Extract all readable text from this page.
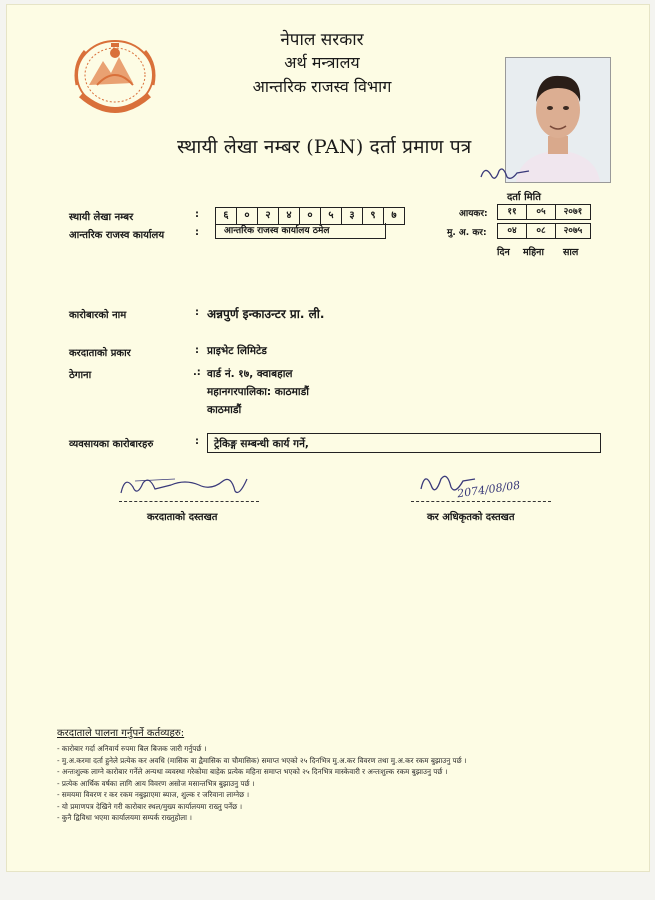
नेपाल सरकार
अर्थ मन्त्रालय
आन्तरिक राजस्व विभाग
स्थायी लेखा नम्बर (PAN) दर्ता प्रमाण पत्र
स्थायी लेखा नम्बर	:	६	०	२	४	०	५	३	९	७
आन्तरिक राजस्व कार्यालय	:	आन्तरिक राजस्व कार्यालय ठमेल
दर्ता मिति
आयकर:	११	०५	२०७१
मु. अ. कर:	०४	०८	२०७५
दिन महिना साल
कारोबारको नाम	: अन्नपुर्ण इन्काउन्टर प्रा. ली.
करदाताको प्रकार	: प्राइभेट लिमिटेड
ठेगाना	.: वार्ड नं. १७, क्वाबहाल
महानगरपालिका: काठमाडौं
काठमाडौं
व्यवसायका कारोबारहरु	:	ट्रेकिङ्ग सम्बन्धी कार्य गर्ने,
करदाताको दस्तखत
2074/08/08
कर अधिकृतको दस्तखत
करदाताले पालना गर्नुपर्ने कर्तव्यहरु:
- कारोबार गर्दा अनिवार्य रुपमा बिल बिजक जारी गर्नुपर्छ ।
- मु.अ.करमा दर्ता हुनेले प्रत्येक कर अवधि (मासिक वा द्वैमासिक वा चौमासिक) समाप्त भएको २५ दिनभित्र मु.अ.कर विवरण तथा मु.अ.कर रकम बुझाउनु पर्छ ।
- अन्तःशुल्क लाग्ने कारोबार गर्नेले अन्यथा व्यवस्था गरेकोमा बाहेक प्रत्येक महिना समाप्त भएको २५ दिनभित्र मास्केवारी र अन्तःशुल्क रकम बुझाउनु पर्छ ।
- प्रत्येक आर्थिक वर्षका लागि आय विवरण असोज मसान्तभित्र बुझाउनु पर्छ ।
- समयमा विवरण र कर रकम नबुझाएमा ब्याज, शुल्क र जरिवाना लाग्नेछ ।
- यो प्रमाणपत्र देखिने गरी कारोबार स्थल/मुख्य कार्यालयमा राख्नु पर्नेछ ।
- कुनै द्विविधा भएमा कार्यालयमा सम्पर्क राख्नुहोला ।
